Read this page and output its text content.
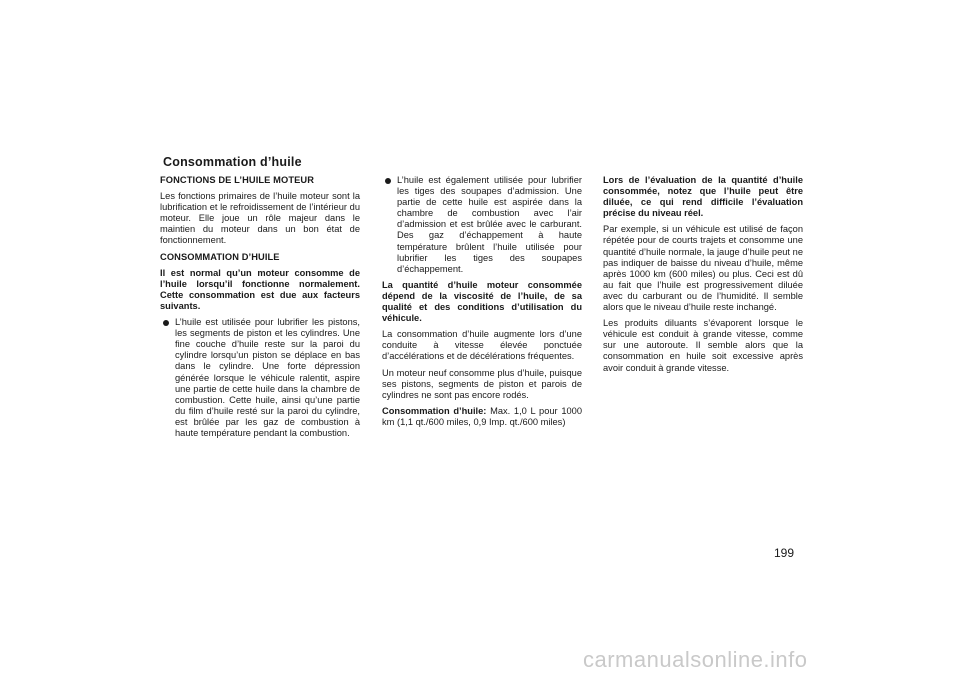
Consommation d’huile

FONCTIONS DE L’HUILE MOTEUR

Les fonctions primaires de l’huile moteur sont la lubrification et le refroidissement de l’intérieur du moteur. Elle joue un rôle majeur dans le maintien du moteur dans un bon état de fonctionnement.

CONSOMMATION D’HUILE

Il est normal qu’un moteur consomme de l’huile lorsqu’il fonctionne normalement. Cette consommation est due aux facteurs suivants.

L’huile est utilisée pour lubrifier les pistons, les segments de piston et les cylindres. Une fine couche d’huile reste sur la paroi du cylindre lorsqu’un piston se déplace en bas dans le cylindre. Une forte dépression générée lorsque le véhicule ralentit, aspire une partie de cette huile dans la chambre de combustion. Cette huile, ainsi qu’une partie du film d’huile resté sur la paroi du cylindre, est brûlée par les gaz de combustion à haute température pendant la combustion.
L’huile est également utilisée pour lubrifier les tiges des soupapes d’admission. Une partie de cette huile est aspirée dans la chambre de combustion avec l’air d’admission et est brûlée avec le carburant. Des gaz d’échappement à haute température brûlent l’huile utilisée pour lubrifier les tiges des soupapes d’échappement.

La quantité d’huile moteur consommée dépend de la viscosité de l’huile, de sa qualité et des conditions d’utilisation du véhicule.

La consommation d’huile augmente lors d’une conduite à vitesse élevée ponctuée d’accélérations et de décélérations fréquentes.

Un moteur neuf consomme plus d’huile, puisque ses pistons, segments de piston et parois de cylindres ne sont pas encore rodés.

Consommation d’huile: Max. 1,0 L pour 1000 km (1,1 qt./600 miles, 0,9 Imp. qt./600 miles)

Lors de l’évaluation de la quantité d’huile consommée, notez que l’huile peut être diluée, ce qui rend difficile l’évaluation précise du niveau réel.

Par exemple, si un véhicule est utilisé de façon répétée pour de courts trajets et consomme une quantité d’huile normale, la jauge d’huile peut ne pas indiquer de baisse du niveau d’huile, même après 1000 km (600 miles) ou plus. Ceci est dû au fait que l’huile est progressivement diluée avec du carburant ou de l’humidité. Il semble alors que le niveau d’huile reste inchangé.

Les produits diluants s’évaporent lorsque le véhicule est conduit à grande vitesse, comme sur une autoroute. Il semble alors que la consommation en huile soit excessive après avoir conduit à grande vitesse.

199
carmanualsonline.info
